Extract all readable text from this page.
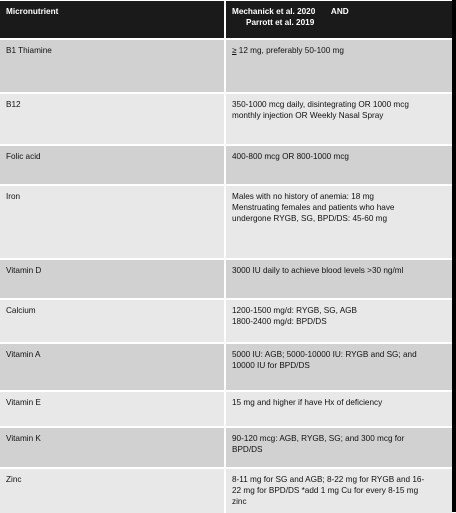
Micronutrient	Mechanick et al. 2020       AND
Parrott et al. 2019
B1 Thiamine	≥ 12 mg, preferably 50-100 mg
B12	350-1000 mcg daily, disintegrating OR 1000 mcg
monthly injection OR Weekly Nasal Spray
Folic acid	400-800 mcg OR 800-1000 mcg
Iron	Males with no history of anemia: 18 mg
Menstruating females and patients who have
undergone RYGB, SG, BPD/DS: 45-60 mg
Vitamin D	3000 IU daily to achieve blood levels >30 ng/ml
Calcium	1200-1500 mg/d: RYGB, SG, AGB
1800-2400 mg/d: BPD/DS
Vitamin A	5000 IU: AGB; 5000-10000 IU: RYGB and SG; and
10000 IU for BPD/DS
Vitamin E	15 mg and higher if have Hx of deficiency
Vitamin K	90-120 mcg: AGB, RYGB, SG; and 300 mcg for
BPD/DS
Zinc	8-11 mg for SG and AGB; 8-22 mg for RYGB and 16-
22 mg for BPD/DS *add 1 mg Cu for every 8-15 mg
zinc
